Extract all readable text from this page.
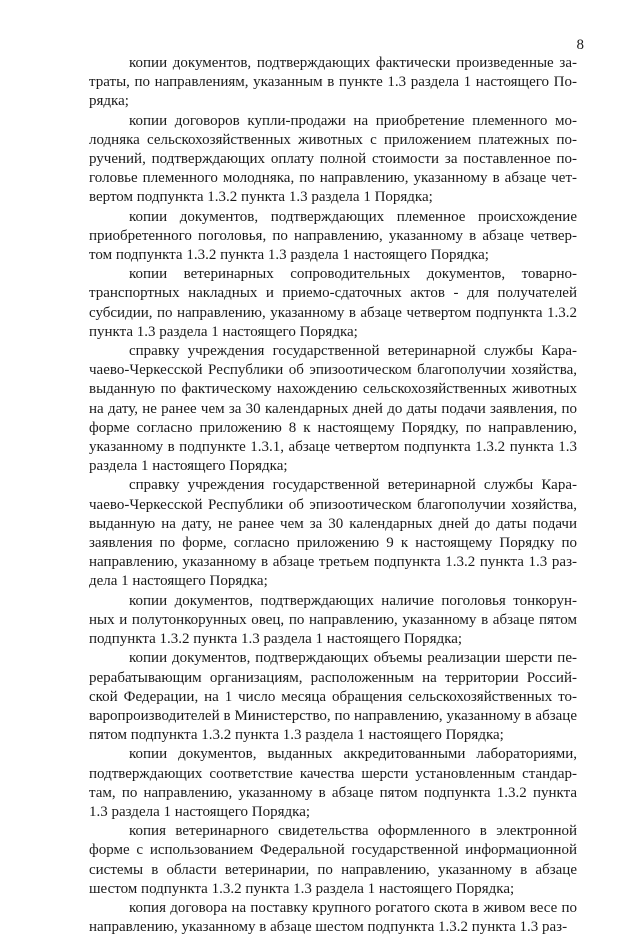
8

копии документов, подтверждающих фактически произведенные затраты, по направлениям, указанным в пункте 1.3 раздела 1 настоящего Порядка;

копии договоров купли-продажи на приобретение племенного молодняка сельскохозяйственных животных с приложением платежных поручений, подтверждающих оплату полной стоимости за поставленное поголовье племенного молодняка, по направлению, указанному в абзаце четвертом подпункта 1.3.2 пункта 1.3 раздела 1 Порядка;

копии документов, подтверждающих племенное происхождение приобретенного поголовья, по направлению, указанному в абзаце четвертом подпункта 1.3.2 пункта 1.3 раздела 1 настоящего Порядка;

копии ветеринарных сопроводительных документов, товарнотранспортных накладных и приемо-сдаточных актов - для получателей субсидии, по направлению, указанному в абзаце четвертом подпункта 1.3.2 пункта 1.3 раздела 1 настоящего Порядка;

справку учреждения государственной ветеринарной службы Карачаево-Черкесской Республики об эпизоотическом благополучии хозяйства, выданную по фактическому нахождению сельскохозяйственных животных на дату, не ранее чем за 30 календарных дней до даты подачи заявления, по форме согласно приложению 8 к настоящему Порядку, по направлению, указанному в подпункте 1.3.1, абзаце четвертом подпункта 1.3.2 пункта 1.3 раздела 1 настоящего Порядка;

справку учреждения государственной ветеринарной службы Карачаево-Черкесской Республики об эпизоотическом благополучии хозяйства, выданную на дату, не ранее чем за 30 календарных дней до даты подачи заявления по форме, согласно приложению 9 к настоящему Порядку по направлению, указанному в абзаце третьем подпункта 1.3.2 пункта 1.3 раздела 1 настоящего Порядка;

копии документов, подтверждающих наличие поголовья тонкорунных и полутонкорунных овец, по направлению, указанному в абзаце пятом подпункта 1.3.2 пункта 1.3 раздела 1 настоящего Порядка;

копии документов, подтверждающих объемы реализации шерсти перерабатывающим организациям, расположенным на территории Российской Федерации, на 1 число месяца обращения сельскохозяйственных товаропроизводителей в Министерство, по направлению, указанному в абзаце пятом подпункта 1.3.2 пункта 1.3 раздела 1 настоящего Порядка;

копии документов, выданных аккредитованными лабораториями, подтверждающих соответствие качества шерсти установленным стандартам, по направлению, указанному в абзаце пятом подпункта 1.3.2 пункта 1.3 раздела 1 настоящего Порядка;

копия ветеринарного свидетельства оформленного в электронной форме с использованием Федеральной государственной информационной системы в области ветеринарии, по направлению, указанному в абзаце шестом подпункта 1.3.2 пункта 1.3 раздела 1 настоящего Порядка;

копия договора на поставку крупного рогатого скота в живом весе по направлению, указанному в абзаце шестом подпункта 1.3.2 пункта 1.3 раз-
